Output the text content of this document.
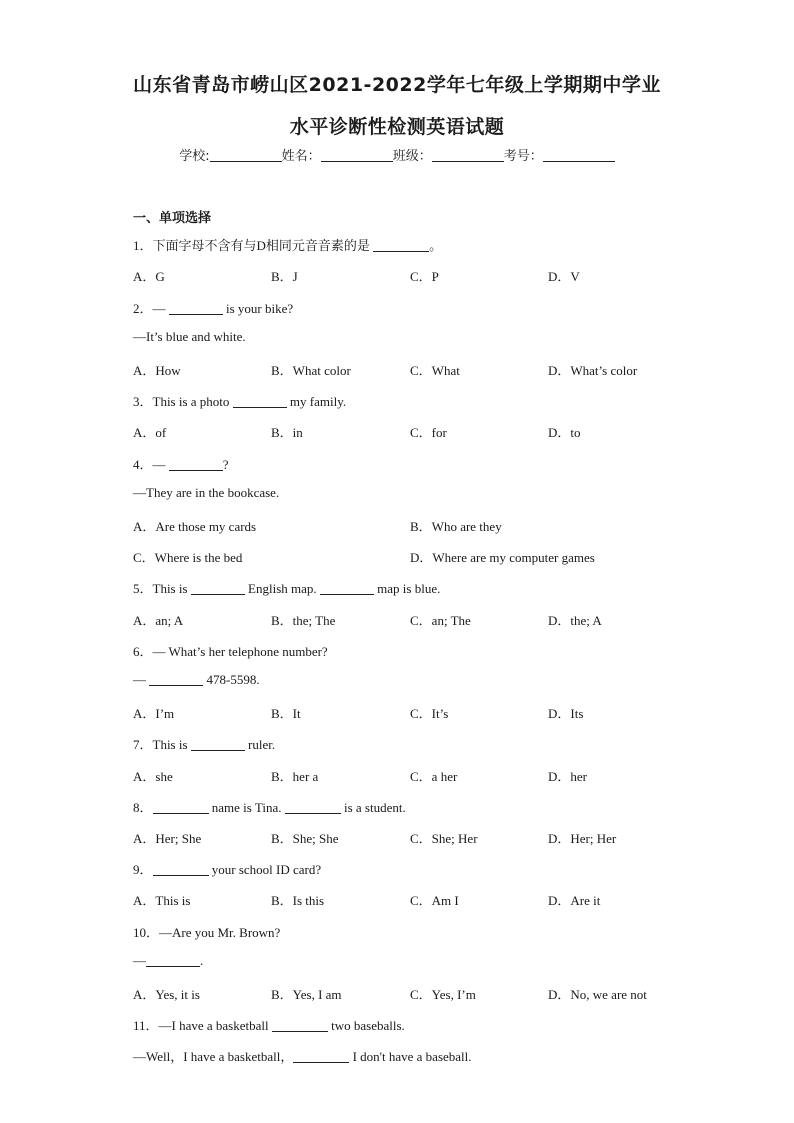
山东省青岛市崂山区2021-2022学年七年级上学期期中学业
水平诊断性检测英语试题
学校:	姓名：	班级：	考号：
一、单项选择
1．下面字母不含有与D相同元音音素的是	。
A．G	B．J	C．P	D．V
2．—	is your bike?
—It’s blue and white.
A．How	B．What color	C．What	D．What’s color
3．This is a photo	my family.
A．of	B．in	C．for	D．to
4．—	?
—They are in the bookcase.
A．Are those my cards	B．Who are they
C．Where is the bed	D．Where are my computer games
5．This is	English map.	map is blue.
A．an; A	B．the; The	C．an; The	D．the; A
6．— What’s her telephone number?
—	478-5598.
A．I’m	B．It	C．It’s	D．Its
7．This is	ruler.
A．she	B．her a	C．a her	D．her
8．	name is Tina.	is a student.
A．Her; She	B．She; She	C．She; Her	D．Her; Her
9．	your school ID card?
A．This is	B．Is this	C．Am I	D．Are it
10．—Are you Mr. Brown?
—	.
A．Yes, it is	B．Yes, I am	C．Yes, I’m	D．No, we are not
11．—I have a basketball	two baseballs.
—Well，I have a basketball，	I don't have a baseball.
